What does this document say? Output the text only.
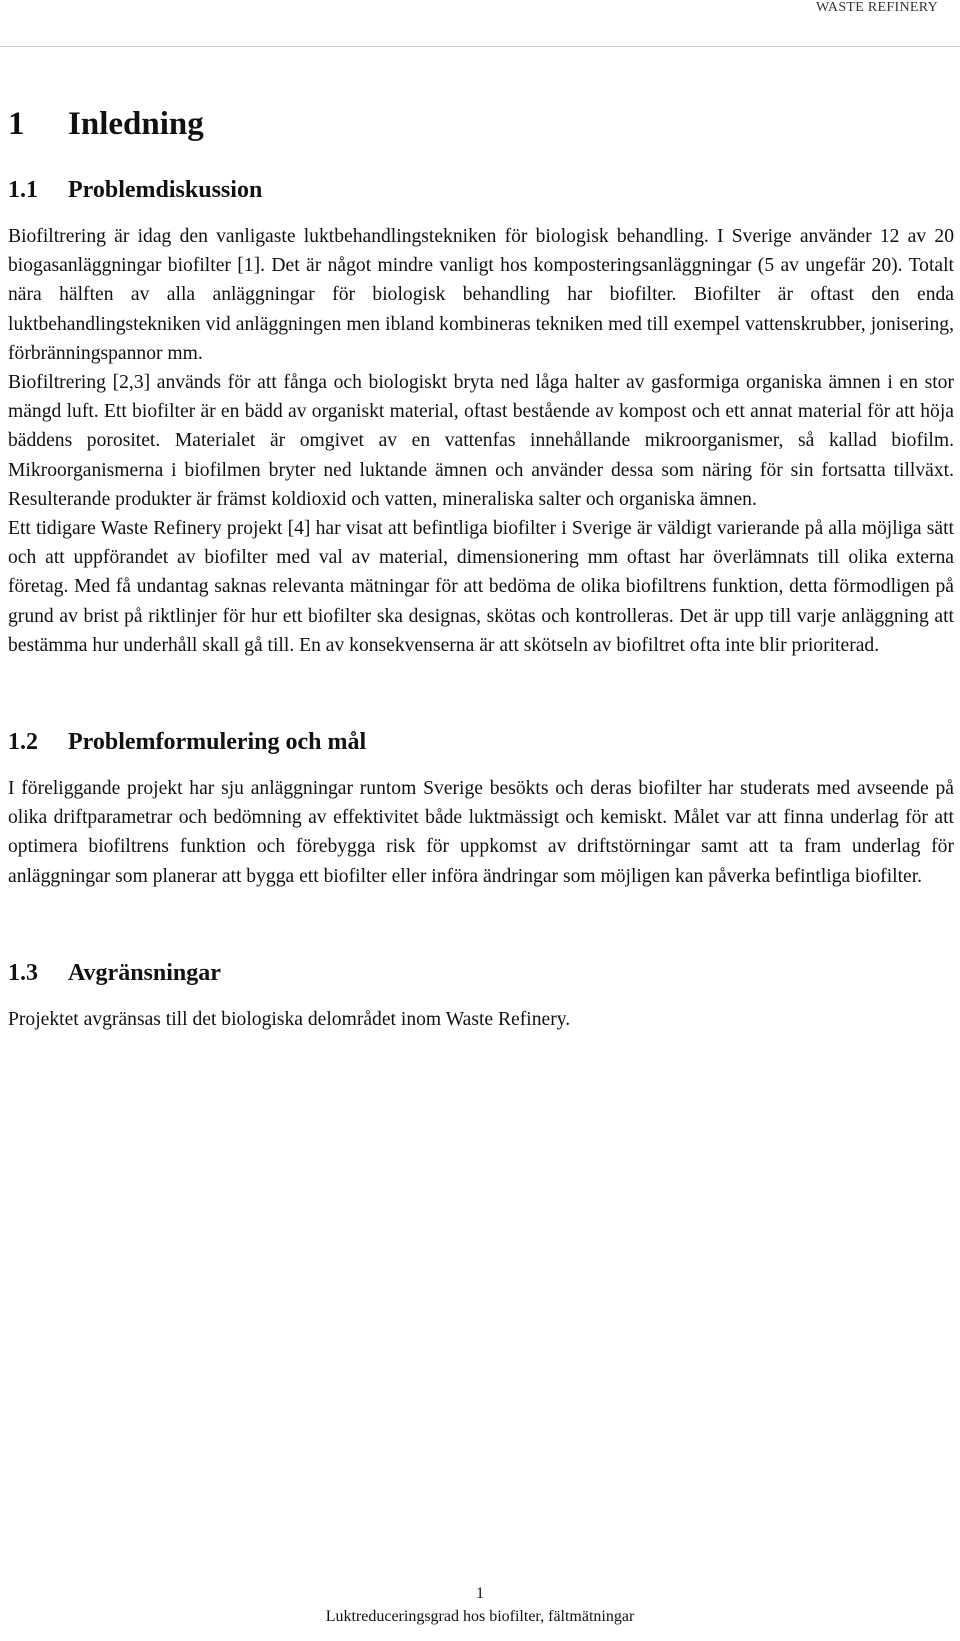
WASTE REFINERY
1 Inledning
1.1 Problemdiskussion

Biofiltrering är idag den vanligaste luktbehandlingstekniken för biologisk behandling. I Sverige använder 12 av 20 biogasanläggningar biofilter [1]. Det är något mindre vanligt hos komposteringsanläggningar (5 av ungefär 20). Totalt nära hälften av alla anläggningar för biologisk behandling har biofilter. Biofilter är oftast den enda luktbehandlingstekniken vid anläggningen men ibland kombineras tekniken med till exempel vattenskrubber, jonisering, förbränningspannor mm.

Biofiltrering [2,3] används för att fånga och biologiskt bryta ned låga halter av gasformiga organiska ämnen i en stor mängd luft. Ett biofilter är en bädd av organiskt material, oftast bestående av kompost och ett annat material för att höja bäddens porositet. Materialet är omgivet av en vattenfas innehållande mikroorganismer, så kallad biofilm. Mikroorganismerna i biofilmen bryter ned luktande ämnen och använder dessa som näring för sin fortsatta tillväxt. Resulterande produkter är främst koldioxid och vatten, mineraliska salter och organiska ämnen.

Ett tidigare Waste Refinery projekt [4] har visat att befintliga biofilter i Sverige är väldigt varierande på alla möjliga sätt och att uppförandet av biofilter med val av material, dimensionering mm oftast har överlämnats till olika externa företag. Med få undantag saknas relevanta mätningar för att bedöma de olika biofiltrens funktion, detta förmodligen på grund av brist på riktlinjer för hur ett biofilter ska designas, skötas och kontrolleras. Det är upp till varje anläggning att bestämma hur underhåll skall gå till. En av konsekvenserna är att skötseln av biofiltret ofta inte blir prioriterad.

1.2 Problemformulering och mål

I föreliggande projekt har sju anläggningar runtom Sverige besökts och deras biofilter har studerats med avseende på olika driftparametrar och bedömning av effektivitet både luktmässigt och kemiskt. Målet var att finna underlag för att optimera biofiltrens funktion och förebygga risk för uppkomst av driftstörningar samt att ta fram underlag för anläggningar som planerar att bygga ett biofilter eller införa ändringar som möjligen kan påverka befintliga biofilter.

1.3 Avgränsningar

Projektet avgränsas till det biologiska delområdet inom Waste Refinery.

1
Luktreduceringsgrad hos biofilter, fältmätningar
